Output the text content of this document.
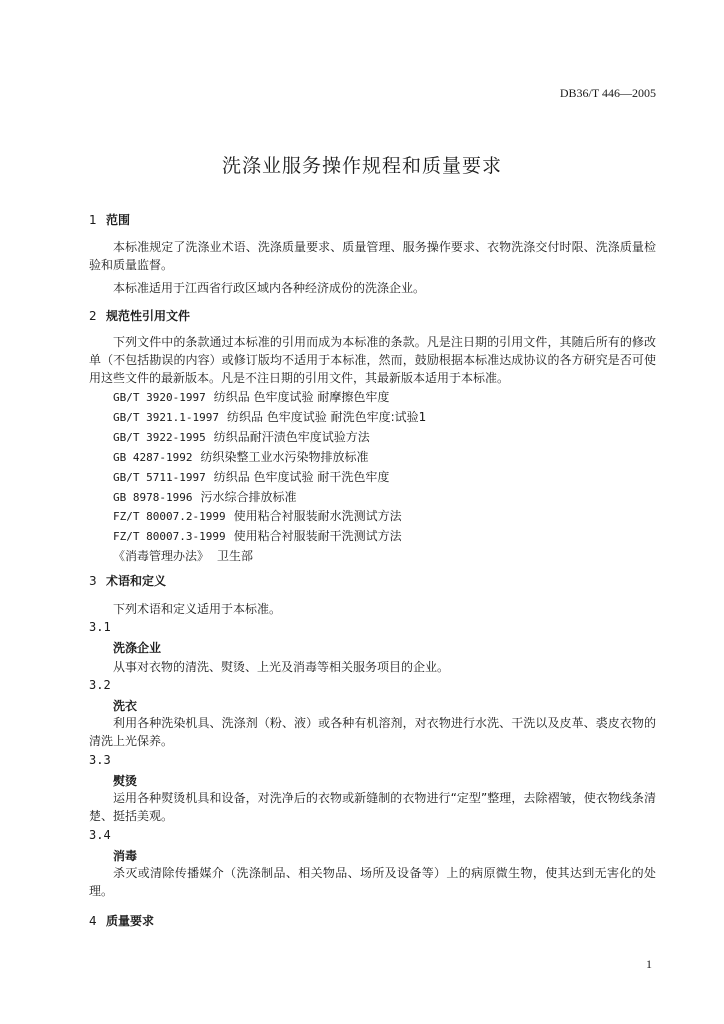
DB36/T 446—2005
洗涤业服务操作规程和质量要求
1 范围
本标准规定了洗涤业术语、洗涤质量要求、质量管理、服务操作要求、衣物洗涤交付时限、洗涤质量检验和质量监督。
本标准适用于江西省行政区域内各种经济成份的洗涤企业。
2 规范性引用文件
下列文件中的条款通过本标准的引用而成为本标准的条款。凡是注日期的引用文件，其随后所有的修改单（不包括勘误的内容）或修订版均不适用于本标准，然而，鼓励根据本标准达成协议的各方研究是否可使用这些文件的最新版本。凡是不注日期的引用文件，其最新版本适用于本标准。
GB/T 3920-1997 纺织品 色牢度试验 耐摩擦色牢度
GB/T 3921.1-1997 纺织品 色牢度试验 耐洗色牢度:试验1
GB/T 3922-1995 纺织品耐汗渍色牢度试验方法
GB 4287-1992 纺织染整工业水污染物排放标准
GB/T 5711-1997 纺织品 色牢度试验 耐干洗色牢度
GB 8978-1996 污水综合排放标准
FZ/T 80007.2-1999 使用粘合衬服装耐水洗测试方法
FZ/T 80007.3-1999 使用粘合衬服装耐干洗测试方法
《消毒管理办法》 卫生部
3 术语和定义
下列术语和定义适用于本标准。
3.1
洗涤企业
从事对衣物的清洗、熨烫、上光及消毒等相关服务项目的企业。
3.2
洗衣
利用各种洗染机具、洗涤剂（粉、液）或各种有机溶剂，对衣物进行水洗、干洗以及皮革、裘皮衣物的清洗上光保养。
3.3
熨烫
运用各种熨烫机具和设备，对洗净后的衣物或新缝制的衣物进行“定型”整理，去除褶皱，使衣物线条清楚、挺括美观。
3.4
消毒
杀灭或清除传播媒介（洗涤制品、相关物品、场所及设备等）上的病原微生物，使其达到无害化的处理。
4 质量要求
1
